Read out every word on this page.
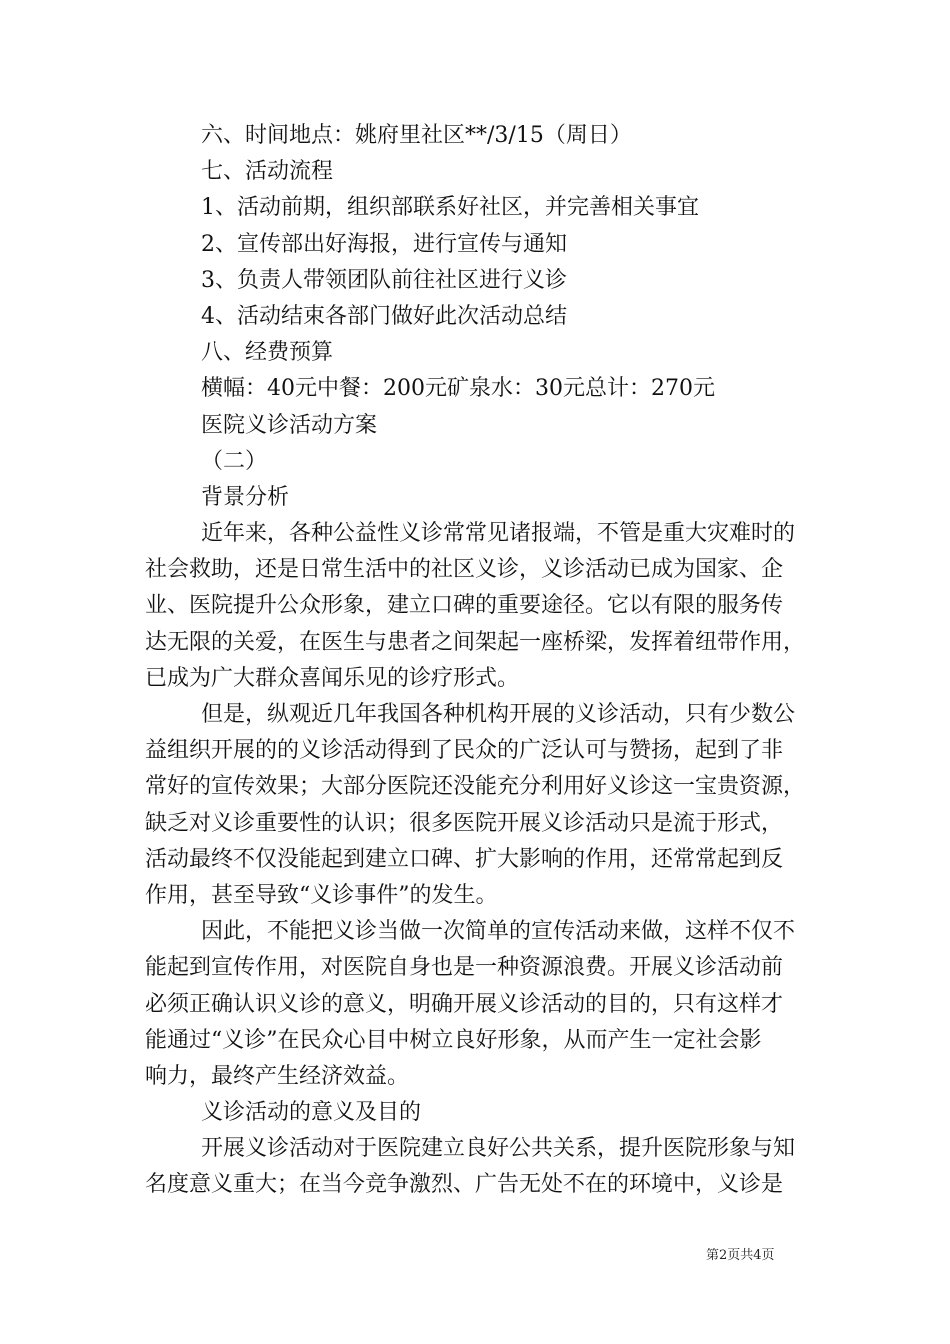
六、时间地点：姚府里社区**/3/15（周日）

七、活动流程

1、活动前期，组织部联系好社区，并完善相关事宜

2、宣传部出好海报，进行宣传与通知

3、负责人带领团队前往社区进行义诊

4、活动结束各部门做好此次活动总结

八、经费预算

横幅：40元中餐：200元矿泉水：30元总计：270元

医院义诊活动方案

（二）

背景分析

近年来，各种公益性义诊常常见诸报端，不管是重大灾难时的

社会救助，还是日常生活中的社区义诊，义诊活动已成为国家、企

业、医院提升公众形象，建立口碑的重要途径。它以有限的服务传

达无限的关爱，在医生与患者之间架起一座桥梁，发挥着纽带作用，

已成为广大群众喜闻乐见的诊疗形式。

但是，纵观近几年我国各种机构开展的义诊活动，只有少数公

益组织开展的的义诊活动得到了民众的广泛认可与赞扬，起到了非

常好的宣传效果；大部分医院还没能充分利用好义诊这一宝贵资源，

缺乏对义诊重要性的认识；很多医院开展义诊活动只是流于形式，

活动最终不仅没能起到建立口碑、扩大影响的作用，还常常起到反

作用，甚至导致“义诊事件”的发生。

因此，不能把义诊当做一次简单的宣传活动来做，这样不仅不

能起到宣传作用，对医院自身也是一种资源浪费。开展义诊活动前

必须正确认识义诊的意义，明确开展义诊活动的目的，只有这样才

能通过“义诊”在民众心目中树立良好形象，从而产生一定社会影

响力，最终产生经济效益。

义诊活动的意义及目的

开展义诊活动对于医院建立良好公共关系，提升医院形象与知

名度意义重大；在当今竞争激烈、广告无处不在的环境中，义诊是

第2页共4页
